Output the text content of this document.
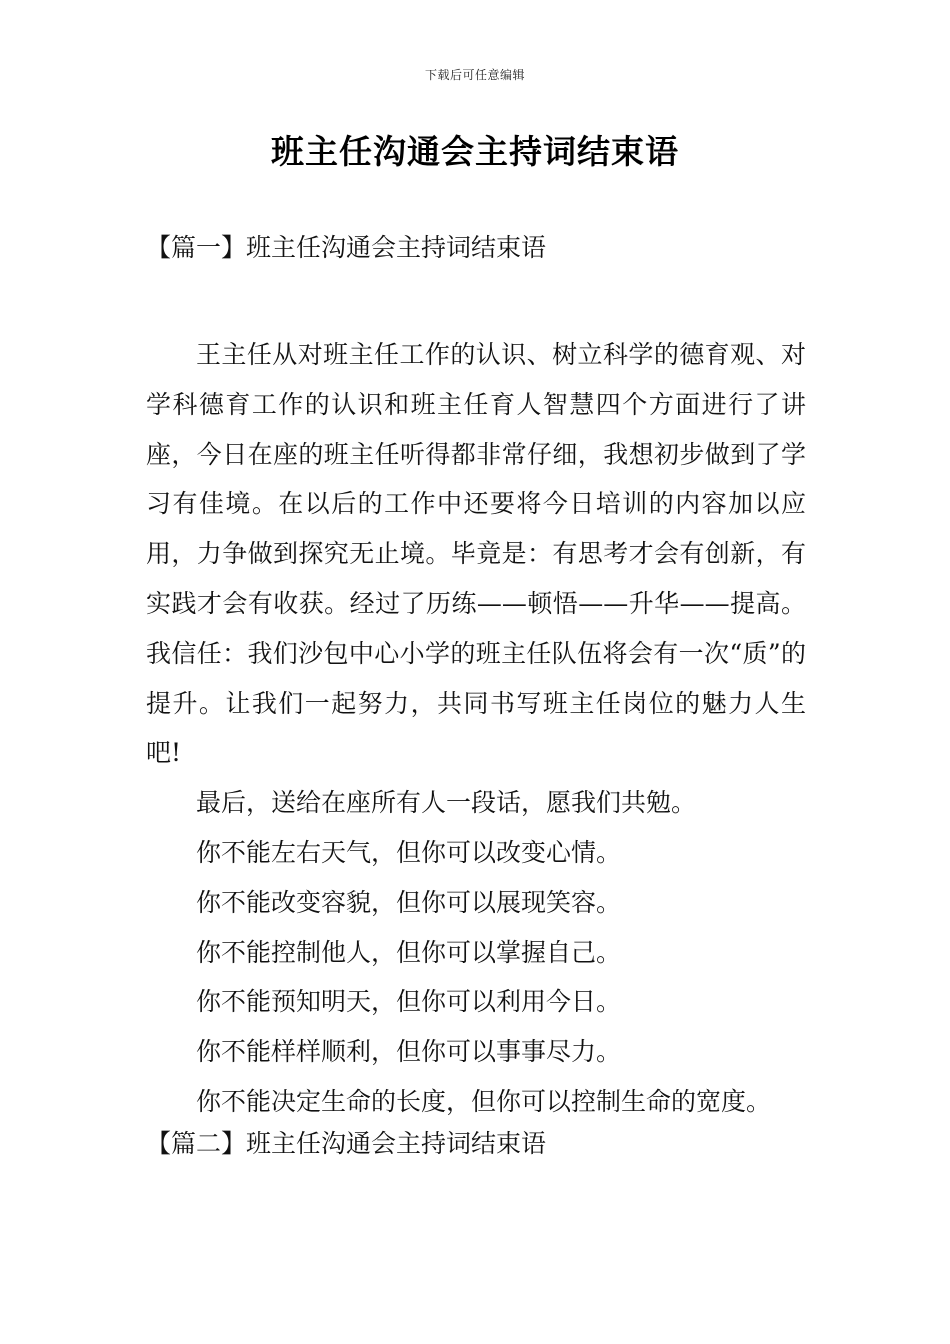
下载后可任意编辑
班主任沟通会主持词结束语
【篇一】班主任沟通会主持词结束语

王主任从对班主任工作的认识、树立科学的德育观、对学科德育工作的认识和班主任育人智慧四个方面进行了讲座，今日在座的班主任听得都非常仔细，我想初步做到了学习有佳境。在以后的工作中还要将今日培训的内容加以应用，力争做到探究无止境。毕竟是：有思考才会有创新，有实践才会有收获。经过了历练——顿悟——升华——提高。我信任：我们沙包中心小学的班主任队伍将会有一次“质”的提升。让我们一起努力，共同书写班主任岗位的魅力人生吧!

最后，送给在座所有人一段话，愿我们共勉。

你不能左右天气，但你可以改变心情。

你不能改变容貌，但你可以展现笑容。

你不能控制他人，但你可以掌握自己。

你不能预知明天，但你可以利用今日。

你不能样样顺利，但你可以事事尽力。

你不能决定生命的长度，但你可以控制生命的宽度。

【篇二】班主任沟通会主持词结束语
